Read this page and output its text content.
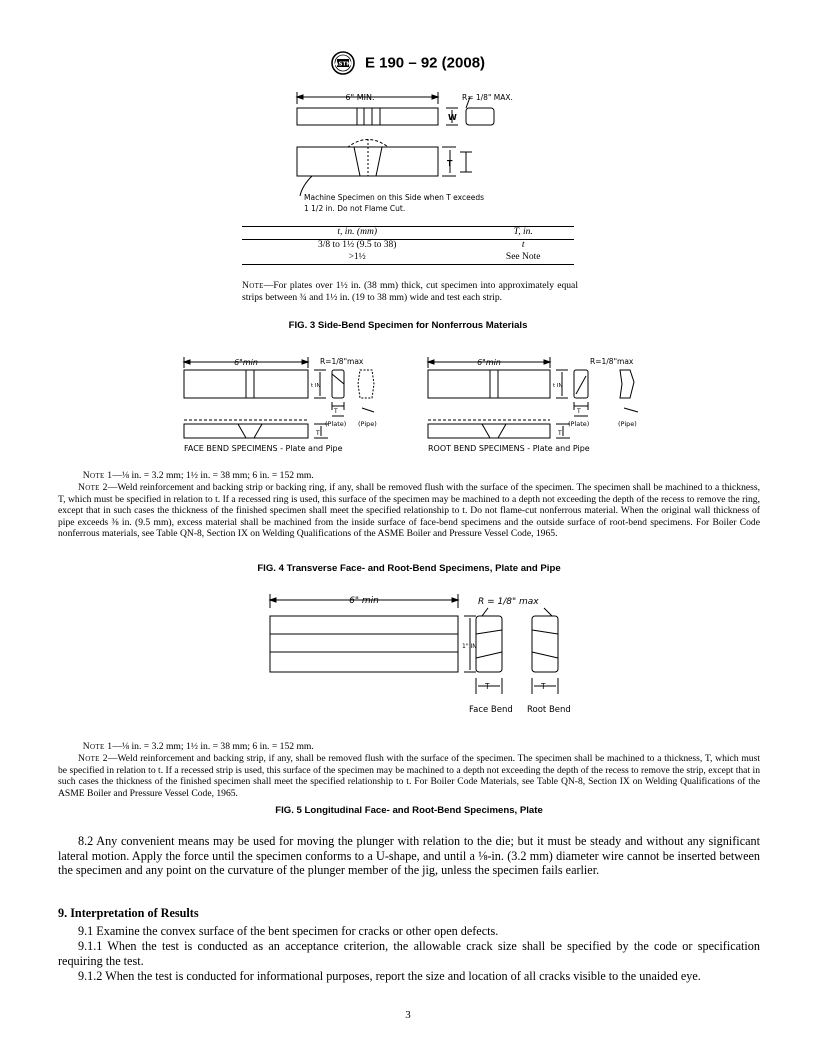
ASTM E 190 – 92 (2008)
6" MIN.	R= 1/8" MAX.
W
T
Machine Specimen on this Side when T exceeds
1 1/2 in. Do not Flame Cut.
t, in. (mm)	T, in.
3/8 to 1½ (9.5 to 38)	t
>1½	See Note
Note—For plates over 1½ in. (38 mm) thick, cut specimen into approximately equal strips between ¾ and 1½ in. (19 to 38 mm) wide and test each strip.
FIG. 3 Side-Bend Specimen for Nonferrous Materials
6"min	R=1/8"max
t IN
T
(Plate) (Pipe)
T
FACE BEND SPECIMENS - Plate and Pipe
6"min	R=1/8"max
t IN
T
(Plate)	(Pipe)
T
ROOT BEND SPECIMENS - Plate and Pipe
Note 1—⅛ in. = 3.2 mm; 1½ in. = 38 mm; 6 in. = 152 mm.
Note 2—Weld reinforcement and backing strip or backing ring, if any, shall be removed flush with the surface of the specimen. The specimen shall be machined to a thickness, T, which must be specified in relation to t. If a recessed ring is used, this surface of the specimen may be machined to a depth not exceeding the depth of the recess to remove the ring, except that in such cases the thickness of the finished specimen shall meet the specified relationship to t. Do not flame-cut nonferrous material. When the original wall thickness of pipe exceeds ⅜ in. (9.5 mm), excess material shall be machined from the inside surface of face-bend specimens and the outside surface of root-bend specimens. For Boiler Code nonferrous materials, see Table QN-8, Section IX on Welding Qualifications of the ASME Boiler and Pressure Vessel Code, 1965.
FIG. 4 Transverse Face- and Root-Bend Specimens, Plate and Pipe
6" min	R = 1/8" max
1" IN
T	T
Face Bend Root Bend
Note 1—⅛ in. = 3.2 mm; 1½ in. = 38 mm; 6 in. = 152 mm.
Note 2—Weld reinforcement and backing strip, if any, shall be removed flush with the surface of the specimen. The specimen shall be machined to a thickness, T, which must be specified in relation to t. If a recessed strip is used, this surface of the specimen may be machined to a depth not exceeding the depth of the recess to remove the strip, except that in such cases the thickness of the finished specimen shall meet the specified relationship to t. For Boiler Code Materials, see Table QN-8, Section IX on Welding Qualifications of the ASME Boiler and Pressure Vessel Code, 1965.
FIG. 5 Longitudinal Face- and Root-Bend Specimens, Plate
8.2 Any convenient means may be used for moving the plunger with relation to the die; but it must be steady and without any significant lateral motion. Apply the force until the specimen conforms to a U-shape, and until a ⅛-in. (3.2 mm) diameter wire cannot be inserted between the specimen and any point on the curvature of the plunger member of the jig, unless the specimen fails earlier.
9. Interpretation of Results
9.1 Examine the convex surface of the bent specimen for cracks or other open defects.
9.1.1 When the test is conducted as an acceptance criterion, the allowable crack size shall be specified by the code or specification requiring the test.
9.1.2 When the test is conducted for informational purposes, report the size and location of all cracks visible to the unaided eye.
3
